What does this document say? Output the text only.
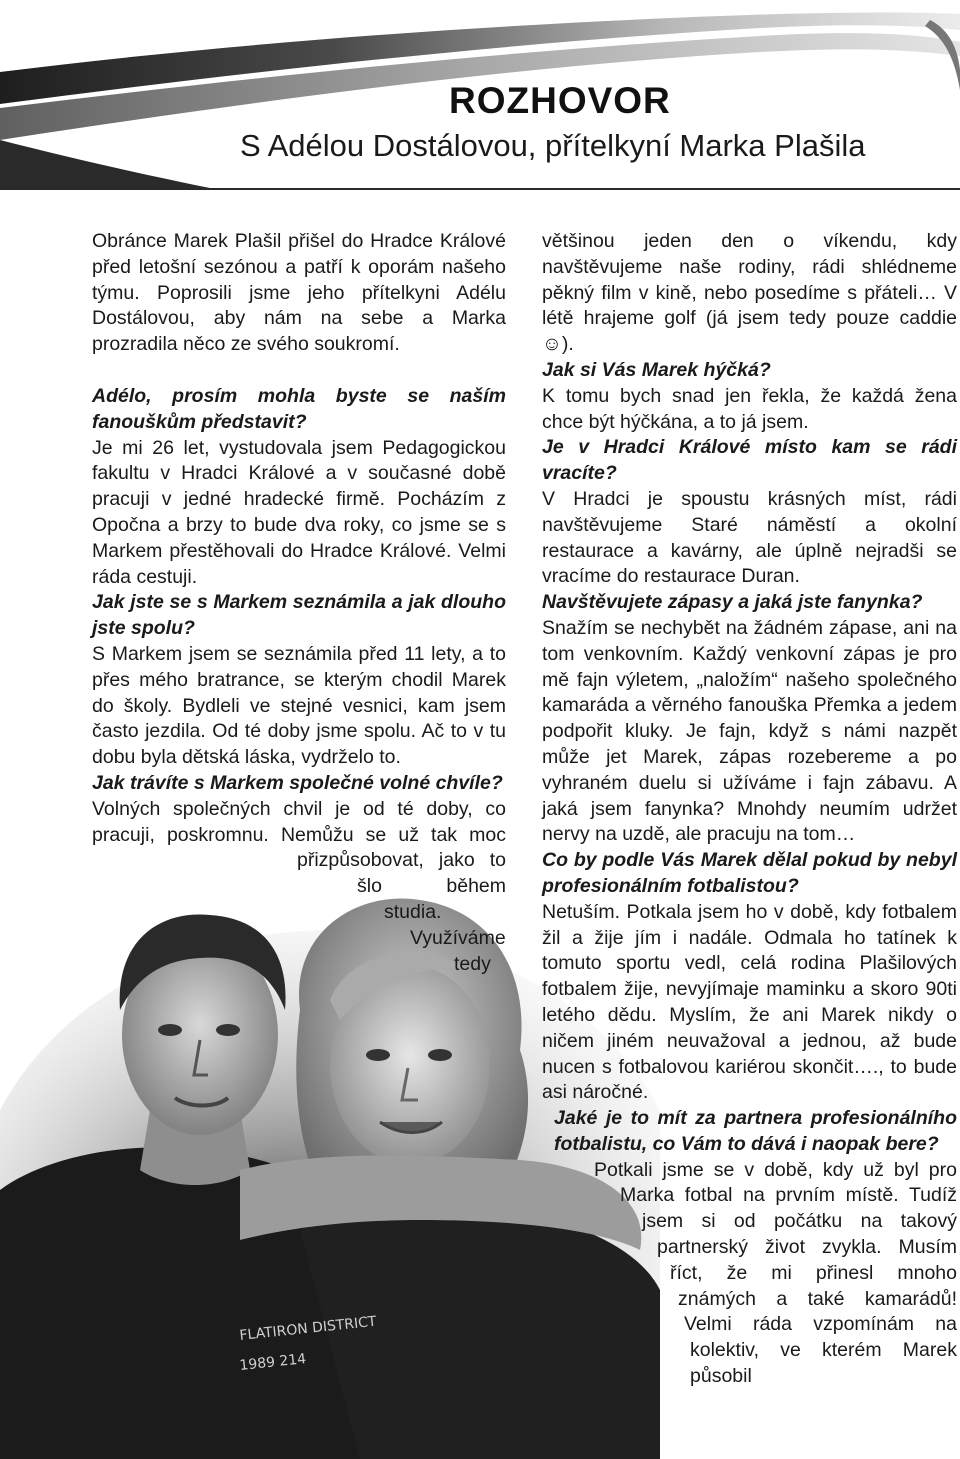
ROZHOVOR
S Adélou Dostálovou, přítelkyní Marka Plašila
FLATIRON DISTRICT
1989 214

Obránce Marek Plašil přišel do Hradce Králové před letošní sezónou a patří k oporám našeho týmu. Poprosili jsme jeho přítelkyni Adélu Dostálovou, aby nám na sebe a Marka prozradila něco ze svého soukromí.

Adélo, prosím mohla byste se naším fanouškům představit?

Je mi 26 let, vystudovala jsem Pedagogickou fakultu v Hradci Králové a v současné době pracuji v jedné hradecké firmě. Pocházím z Opočna a brzy to bude dva roky, co jsme se s Markem přestěhovali do Hradce Králové. Velmi ráda cestuji.

Jak jste se s Markem seznámila a jak dlouho jste spolu?

S Markem jsem se seznámila před 11 lety, a to přes mého bratrance, se kterým chodil Marek do školy. Bydleli ve stejné vesnici, kam jsem často jezdila. Od té doby jsme spolu. Ač to v tu dobu byla dětská láska, vydrželo to.

Jak trávíte s Markem společné volné chvíle?

Volných společných chvil je od té doby, co pracuji, poskromnu. Nemůžu se už tak moc přizpůsobovat, jako to šlo během studia. Využíváme tedy

většinou jeden den o víkendu, kdy navštěvujeme naše rodiny, rádi shlédneme pěkný film v kině, nebo posedíme s přáteli… V létě hrajeme golf (já jsem tedy pouze caddie ☺).

Jak si Vás Marek hýčká?

K tomu bych snad jen řekla, že každá žena chce být hýčkána, a to já jsem.

Je v Hradci Králové místo kam se rádi vracíte?

V Hradci je spoustu krásných míst, rádi navštěvujeme Staré náměstí a okolní restaurace a kavárny, ale úplně nejradši se vracíme do restaurace Duran.

Navštěvujete zápasy a jaká jste fanynka?

Snažím se nechybět na žádném zápase, ani na tom venkovním. Každý venkovní zápas je pro mě fajn výletem, „naložím“ našeho společného kamaráda a věrného fanouška Přemka a jedem podpořit kluky. Je fajn, když s námi nazpět může jet Marek, zápas rozebereme a po vyhraném duelu si užíváme i fajn zábavu. A jaká jsem fanynka? Mnohdy neumím udržet nervy na uzdě, ale pracuju na tom…

Co by podle Vás Marek dělal pokud by nebyl profesionálním fotbalistou?

Netuším. Potkala jsem ho v době, kdy fotbalem žil a žije jím i nadále. Odmala ho tatínek k tomuto sportu vedl, celá rodina Plašilových fotbalem žije, nevyjímaje maminku a skoro 90ti letého dědu. Myslím, že ani Marek nikdy o ničem jiném neuvažoval a jednou, až bude nucen s fotbalovou kariérou skončit…., to bude asi náročné.

Jaké je to mít za partnera profesionálního fotbalistu, co Vám to dává i naopak bere?

Potkali jsme se v době, kdy už byl pro Marka fotbal na prvním místě. Tudíž jsem si od počátku na takový partnerský život zvykla. Musím říct, že mi přinesl mnoho známých a také kamarádů! Velmi ráda vzpomínám na kolektiv, ve kterém Marek působil
